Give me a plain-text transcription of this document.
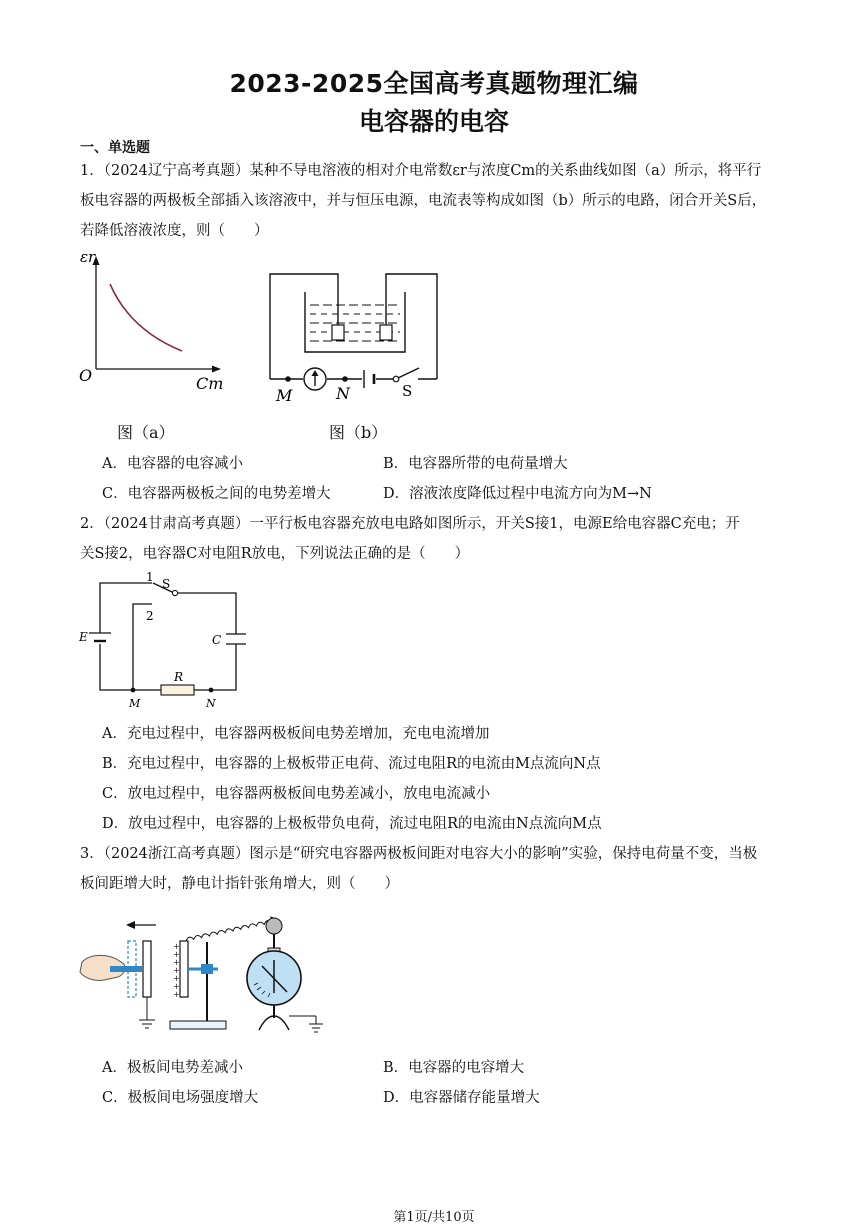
2023-2025全国高考真题物理汇编
电容器的电容
一、单选题
1．（2024辽宁高考真题）某种不导电溶液的相对介电常数εr与浓度Cm的关系曲线如图（a）所示，将平行
板电容器的两极板全部插入该溶液中，并与恒压电源，电流表等构成如图（b）所示的电路，闭合开关S后，
若降低溶液浓度，则（　　）
εr
O	Cm
M	N	S
图（a）	图（b）
A．电容器的电容减小	B．电容器所带的电荷量增大
C．电容器两极板之间的电势差增大	D．溶液浓度降低过程中电流方向为M→N
2．（2024甘肃高考真题）一平行板电容器充放电电路如图所示，开关S接1，电源E给电容器C充电；开
关S接2，电容器C对电阻R放电，下列说法正确的是（　　）
1
2
S
E	C
R
M	N
A．充电过程中，电容器两极板间电势差增加，充电电流增加
B．充电过程中，电容器的上极板带正电荷、流过电阻R的电流由M点流向N点
C．放电过程中，电容器两极板间电势差减小，放电电流减小
D．放电过程中，电容器的上极板带负电荷，流过电阻R的电流由N点流向M点
3．（2024浙江高考真题）图示是“研究电容器两极板间距对电容大小的影响”实验，保持电荷量不变，当极
板间距增大时，静电计指针张角增大，则（　　）
+
+
+
+
+
+
+
A．极板间电势差减小	B．电容器的电容增大
C．极板间电场强度增大	D．电容器储存能量增大
第1页/共10页
